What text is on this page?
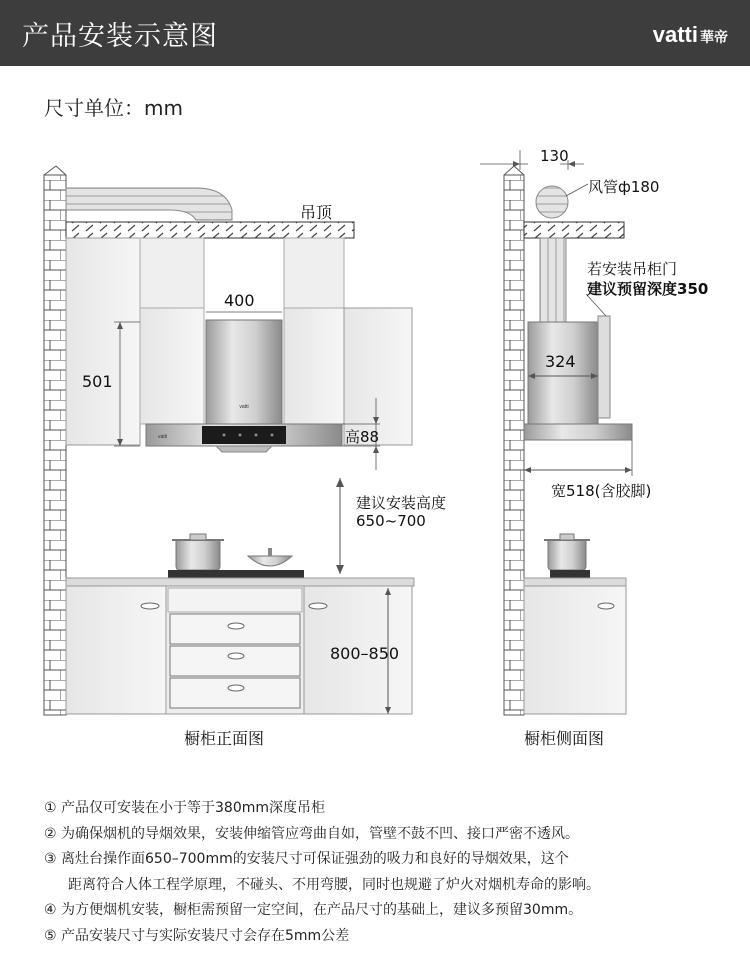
产品安装示意图	vatti 華帝
尺寸单位：mm
vatti
vatti
吊顶
400
501
高88
建议安装高度
650~700
800–850
橱柜正面图
130
风管ф180
若安装吊柜门
建议预留深度350
324
宽518(含胶脚)
橱柜侧面图
① 产品仅可安装在小于等于380mm深度吊柜
② 为确保烟机的导烟效果，安装伸缩管应弯曲自如，管壁不鼓不凹、接口严密不透风。
③ 离灶台操作面650–700mm的安装尺寸可保证强劲的吸力和良好的导烟效果，这个
距离符合人体工程学原理，不碰头、不用弯腰，同时也规避了炉火对烟机寿命的影响。
④ 为方便烟机安装，橱柜需预留一定空间，在产品尺寸的基础上，建议多预留30mm。
⑤ 产品安装尺寸与实际安装尺寸会存在5mm公差
